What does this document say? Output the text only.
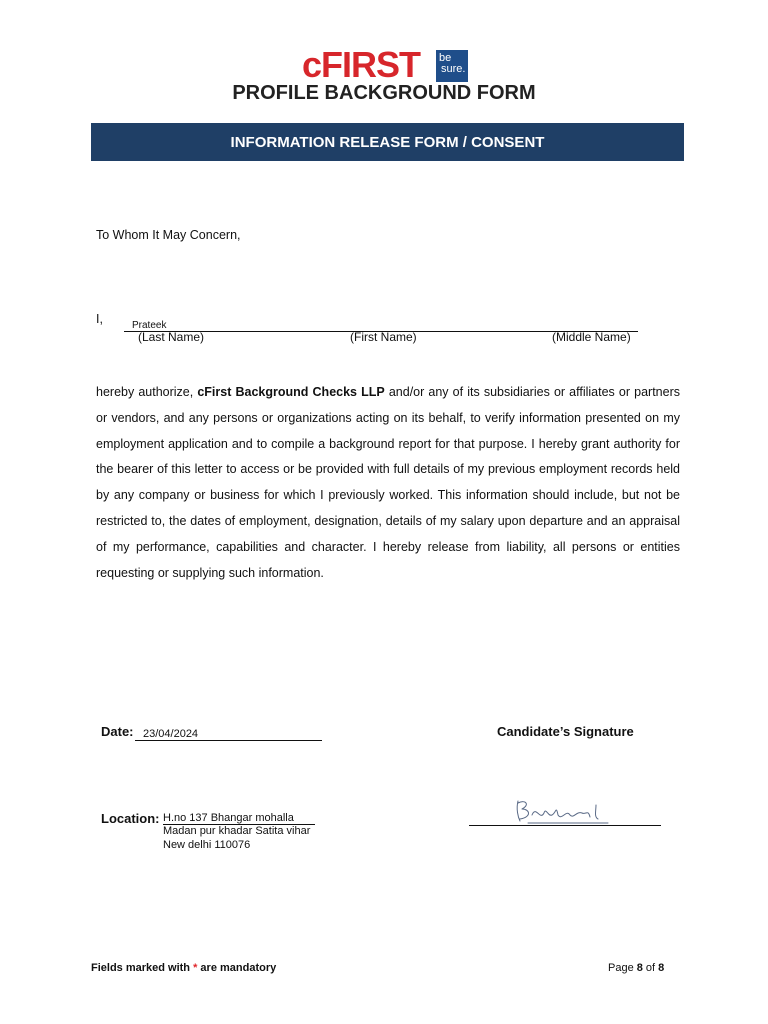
cFIRST be
sure.
PROFILE BACKGROUND FORM
INFORMATION RELEASE FORM / CONSENT
To Whom It May Concern,
I,	Prateek
(Last Name)	(First Name)	(Middle Name)
hereby authorize, cFirst Background Checks LLP and/or any of its subsidiaries or affiliates or partners or vendors, and any persons or organizations acting on its behalf, to verify information presented on my employment application and to compile a background report for that purpose. I hereby grant authority for the bearer of this letter to access or be provided with full details of my previous employment records held by any company or business for which I previously worked. This information should include, but not be restricted to, the dates of employment, designation, details of my salary upon departure and an appraisal of my performance, capabilities and character. I hereby release from liability, all persons or entities requesting or supplying such information.
Date: 23/04/2024	Candidate’s Signature
Location: H.no 137 Bhangar mohalla
Madan pur khadar Satita vihar
New delhi 110076
Fields marked with * are mandatory	Page 8 of 8
